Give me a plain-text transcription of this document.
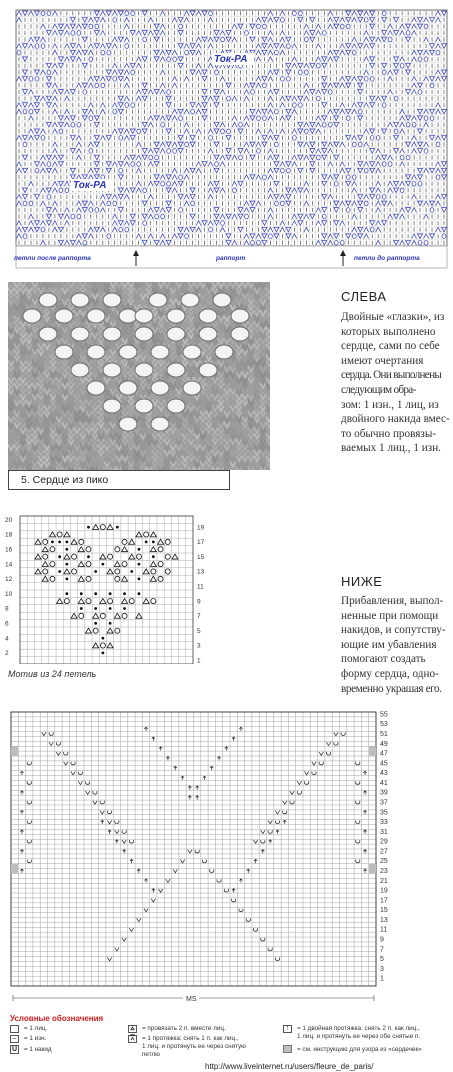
Ток-РА
Ток-РА
петли после раппорта	раппорт	петли до раппорта
5. Сердце из пико
СЛЕВА
Двойные «глазки», из
которых выполнено
сердце, сами по себе
имеют очертания
сердца. Они выполнены следующим обра-
зом: 1 изн., 1 лиц, из
двойного накида вмес-
то обычно провязы-
ваемых 1 лиц., 1 изн.
20
18
16
14
12
10
8
6
4
2
19
17
15
13
11
9
7
5
3
1
Мотив из 24 петель
НИЖЕ
Прибавления, выпол-
ненные при помощи
накидов, и сопутству-
ющие им убавления
помогают создать
форму сердца, одно-
временно украшая его.
MS
55
53
51
49
47
45
43
41
39
37
35
33
31
29
27
25
23
21
19
17
15
13
11
9
7
5
3
1
Условные обозначения
= 1 лиц.
–	= 1 изн.
U	= 1 накид
⩟	= провязать 2 п. вместе лиц.
⩞	= 1 протяжка: снять 1 п. как лиц.,
1 лиц. и протянуть ее через снятую
петлю
↑	= 1 двойная протяжка: снять 2 п. как лиц.,
1 лиц. и протянуть ее через обе снятые п.
= см. инструкцию для узора из «сердечек»
http://www.liveinternet.ru/users/fleure_de_paris/
